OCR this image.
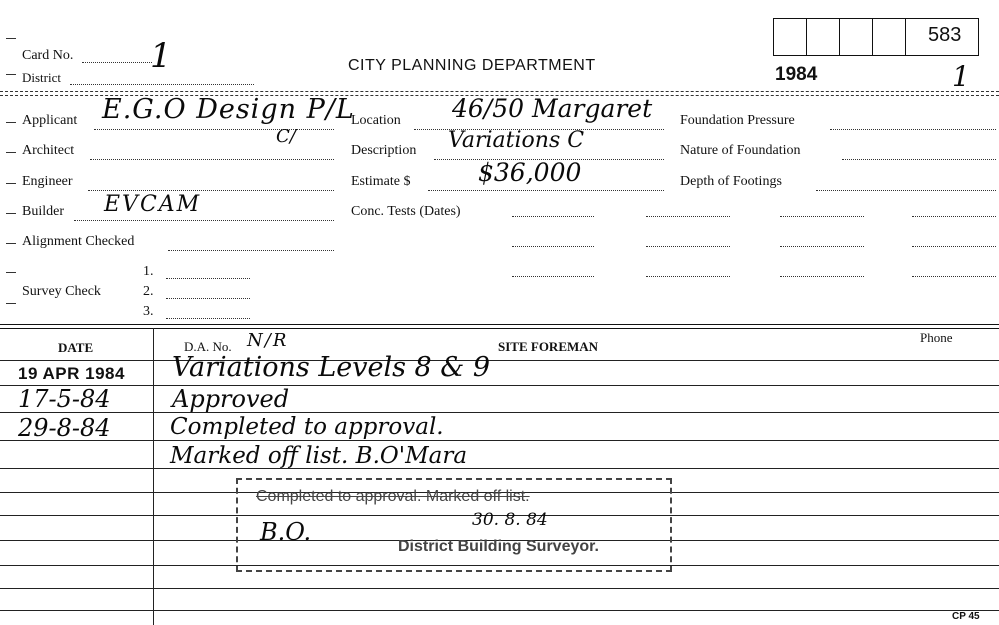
Card No. 1
District
CITY PLANNING DEPARTMENT	1984	1
583
Applicant E.G.O Design P/L
C/
Architect
Engineer
Builder EVCAM
Alignment Checked
Survey Check
1.
2.
3.
Location 46/50 Margaret
Description Variations C
Estimate $	$36,000
Conc. Tests (Dates)
Foundation Pressure
Nature of Foundation
Depth of Footings
DATE	D.A. No. N/R	SITE FOREMAN
Phone
19 APR 1984 Variations Levels 8 & 9
17-5-84	Approved
29-8-84	Completed to approval.
Marked off list. B.O'Mara
Completed to approval. Marked off list.
30. 8. 84
B.O.
District Building Surveyor.
CP 45
